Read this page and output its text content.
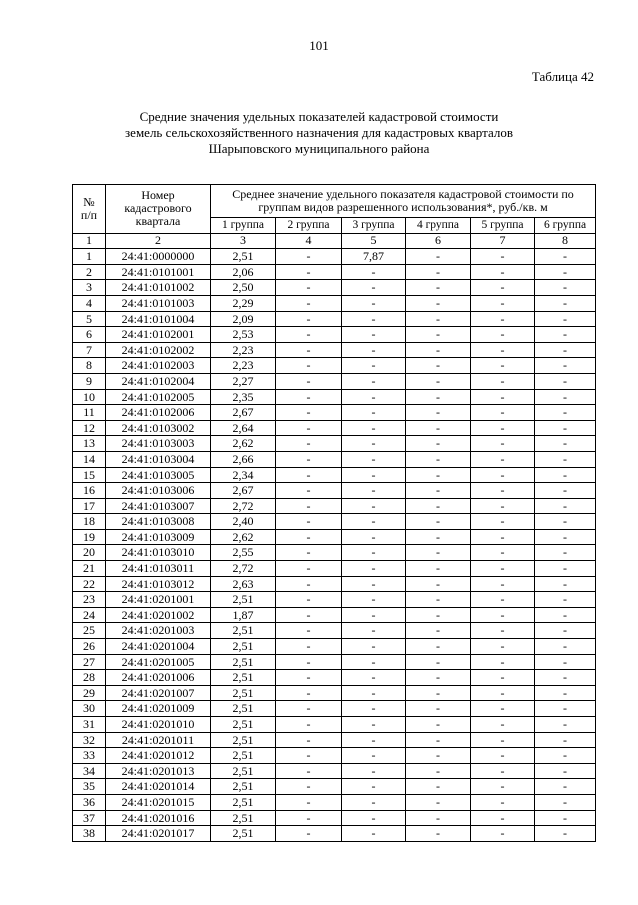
101
Таблица 42
Средние значения удельных показателей кадастровой стоимости
земель сельскохозяйственного назначения для кадастровых кварталов
Шарыповского муниципального района
№ п/п	Номер кадастрового квартала	Среднее значение удельного показателя кадастровой стоимости по группам видов разрешенного использования*, руб./кв. м					
		1 группа	2 группа	3 группа	4 группа	5 группа	6 группа
1	2	3	4	5	6	7	8
1	24:41:0000000	2,51	-	7,87	-	-	-
2	24:41:0101001	2,06	-	-	-	-	-
3	24:41:0101002	2,50	-	-	-	-	-
4	24:41:0101003	2,29	-	-	-	-	-
5	24:41:0101004	2,09	-	-	-	-	-
6	24:41:0102001	2,53	-	-	-	-	-
7	24:41:0102002	2,23	-	-	-	-	-
8	24:41:0102003	2,23	-	-	-	-	-
9	24:41:0102004	2,27	-	-	-	-	-
10	24:41:0102005	2,35	-	-	-	-	-
11	24:41:0102006	2,67	-	-	-	-	-
12	24:41:0103002	2,64	-	-	-	-	-
13	24:41:0103003	2,62	-	-	-	-	-
14	24:41:0103004	2,66	-	-	-	-	-
15	24:41:0103005	2,34	-	-	-	-	-
16	24:41:0103006	2,67	-	-	-	-	-
17	24:41:0103007	2,72	-	-	-	-	-
18	24:41:0103008	2,40	-	-	-	-	-
19	24:41:0103009	2,62	-	-	-	-	-
20	24:41:0103010	2,55	-	-	-	-	-
21	24:41:0103011	2,72	-	-	-	-	-
22	24:41:0103012	2,63	-	-	-	-	-
23	24:41:0201001	2,51	-	-	-	-	-
24	24:41:0201002	1,87	-	-	-	-	-
25	24:41:0201003	2,51	-	-	-	-	-
26	24:41:0201004	2,51	-	-	-	-	-
27	24:41:0201005	2,51	-	-	-	-	-
28	24:41:0201006	2,51	-	-	-	-	-
29	24:41:0201007	2,51	-	-	-	-	-
30	24:41:0201009	2,51	-	-	-	-	-
31	24:41:0201010	2,51	-	-	-	-	-
32	24:41:0201011	2,51	-	-	-	-	-
33	24:41:0201012	2,51	-	-	-	-	-
34	24:41:0201013	2,51	-	-	-	-	-
35	24:41:0201014	2,51	-	-	-	-	-
36	24:41:0201015	2,51	-	-	-	-	-
37	24:41:0201016	2,51	-	-	-	-	-
38	24:41:0201017	2,51	-	-	-	-	-
